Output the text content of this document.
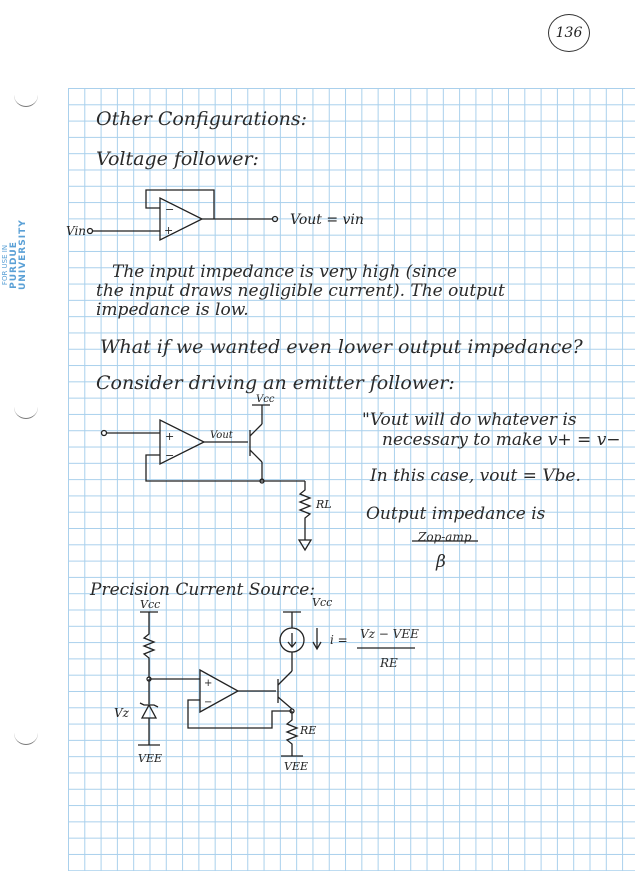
FOR USE IN PURDUE UNIVERSITY
136
Other Configurations:
Voltage follower:
The input impedance is very high (since
the input draws negligible current). The output
impedance is low.
What if we wanted even lower output impedance?
Consider driving an emitter follower:
"Vout will do whatever is
necessary to make v+ = v−
In this case, vout = Vbe.
Output impedance is
Zop-amp
β
Precision Current Source:
i = Vz − VEE
RE
−
+
Vin
Vout = vin
+
−
Vout
Vcc
RL
Vcc
Vz
VEE
+
−
Vcc
RE
VEE
